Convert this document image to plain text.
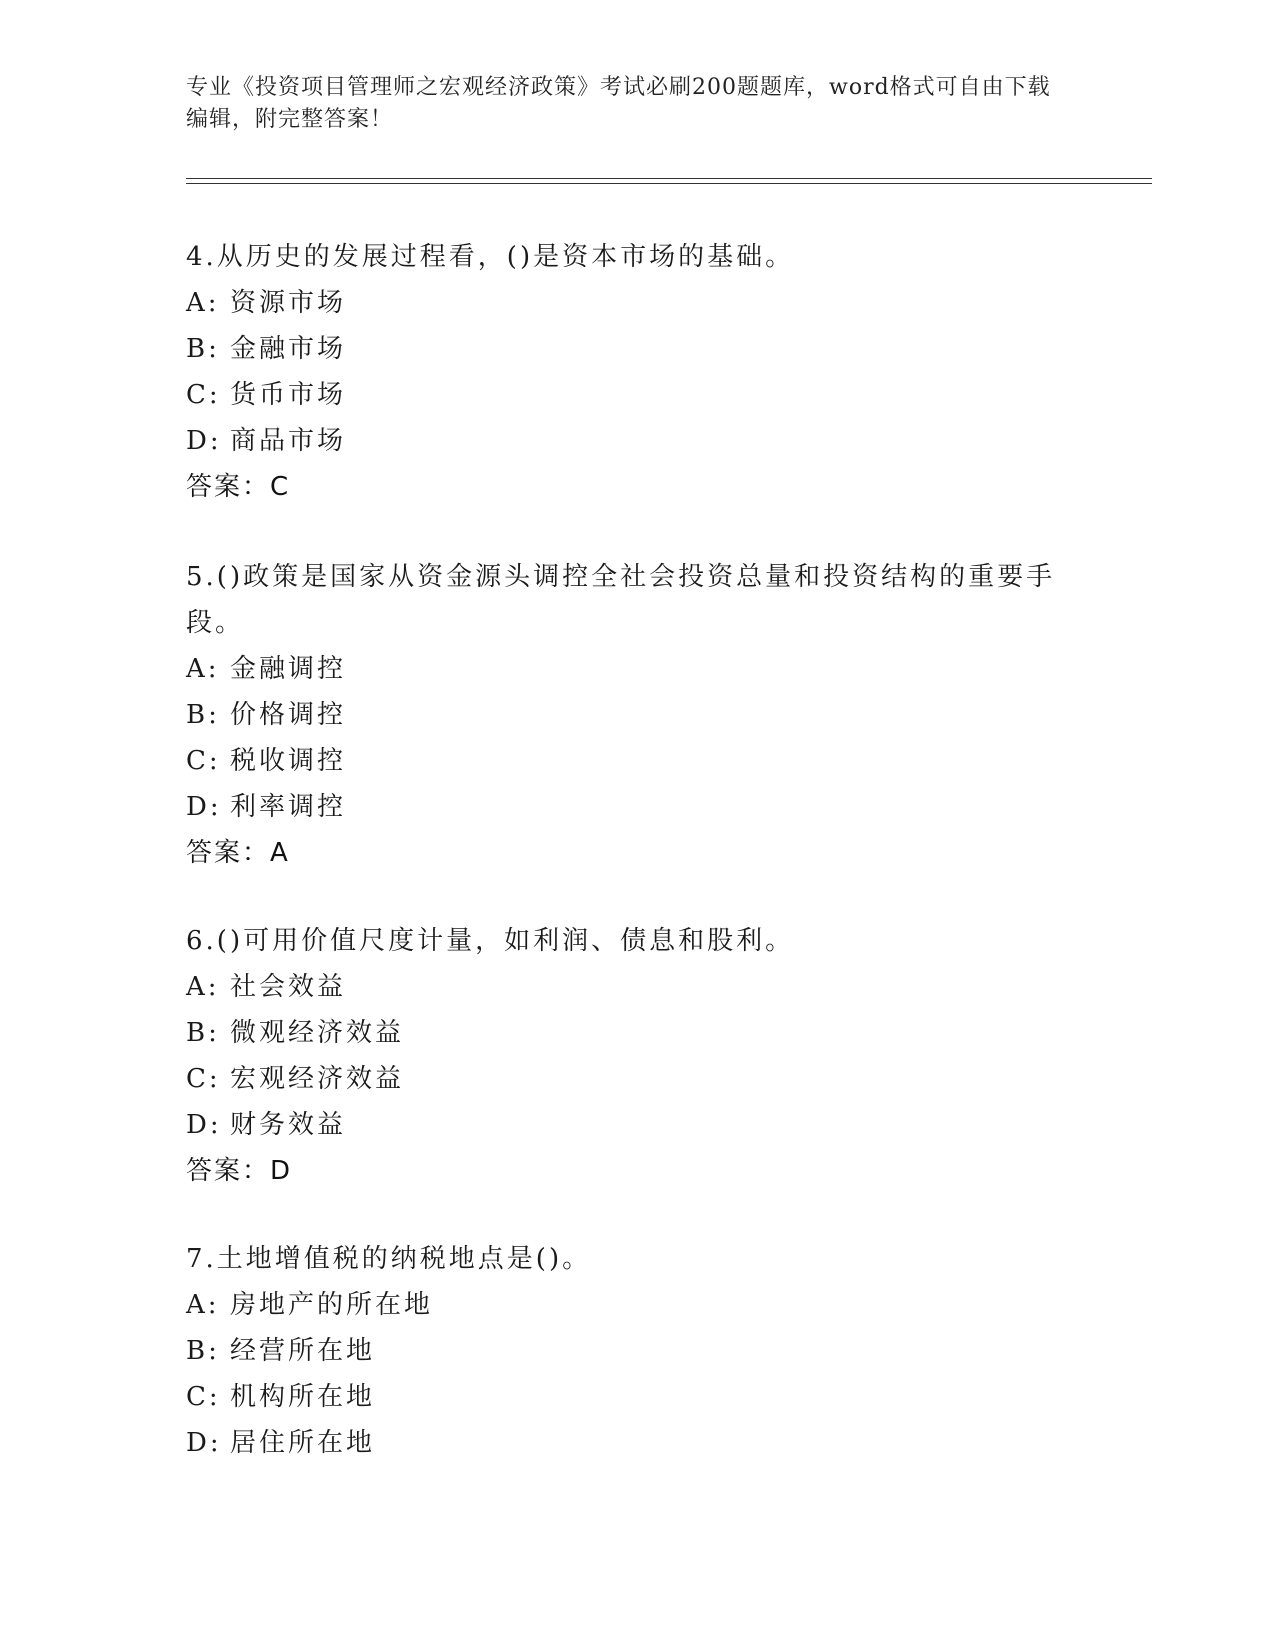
专业《投资项目管理师之宏观经济政策》考试必刷200题题库，word格式可自由下载编辑，附完整答案！
4.从历史的发展过程看，()是资本市场的基础。
A: 资源市场
B: 金融市场
C: 货币市场
D: 商品市场
答案：C
5.()政策是国家从资金源头调控全社会投资总量和投资结构的重要手段。
A: 金融调控
B: 价格调控
C: 税收调控
D: 利率调控
答案：A
6.()可用价值尺度计量，如利润、债息和股利。
A: 社会效益
B: 微观经济效益
C: 宏观经济效益
D: 财务效益
答案：D
7.土地增值税的纳税地点是()。
A: 房地产的所在地
B: 经营所在地
C: 机构所在地
D: 居住所在地
